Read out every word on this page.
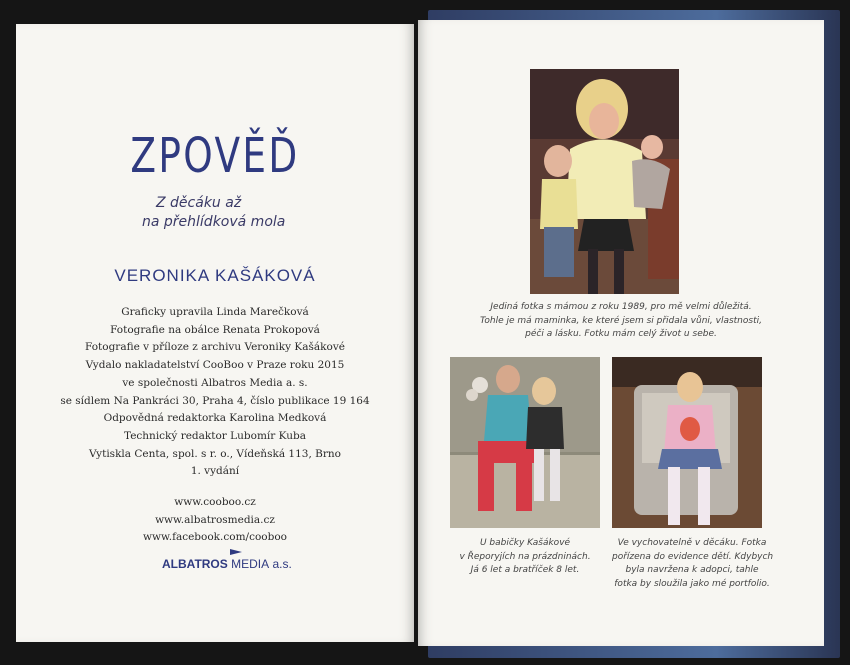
ZPOVĚĎ
Z děcáku až
na přehlídková mola
VERONIKA KAŠÁKOVÁ
Graficky upravila Linda Marečková
Fotografie na obálce Renata Prokopová
Fotografie v příloze z archivu Veroniky Kašákové
Vydalo nakladatelství CooBoo v Praze roku 2015
ve společnosti Albatros Media a. s.
se sídlem Na Pankráci 30, Praha 4, číslo publikace 19 164
Odpovědná redaktorka Karolina Medková
Technický redaktor Lubomír Kuba
Vytiskla Centa, spol. s r. o., Vídeňská 113, Brno
1. vydání
www.cooboo.cz
www.albatrosmedia.cz
www.facebook.com/cooboo
ALBATROS MEDIA a.s.
Jediná fotka s mámou z roku 1989, pro mě velmi důležitá.
Tohle je má maminka, ke které jsem si přidala vůni, vlastnosti,
péči a lásku. Fotku mám celý život u sebe.
U babičky Kašákové
v Řeporyjích na prázdninách.
Já 6 let a bratříček 8 let.
Ve vychovatelně v děcáku. Fotka
pořízena do evidence dětí. Kdybych
byla navržena k adopci, tahle
fotka by sloužila jako mé portfolio.
